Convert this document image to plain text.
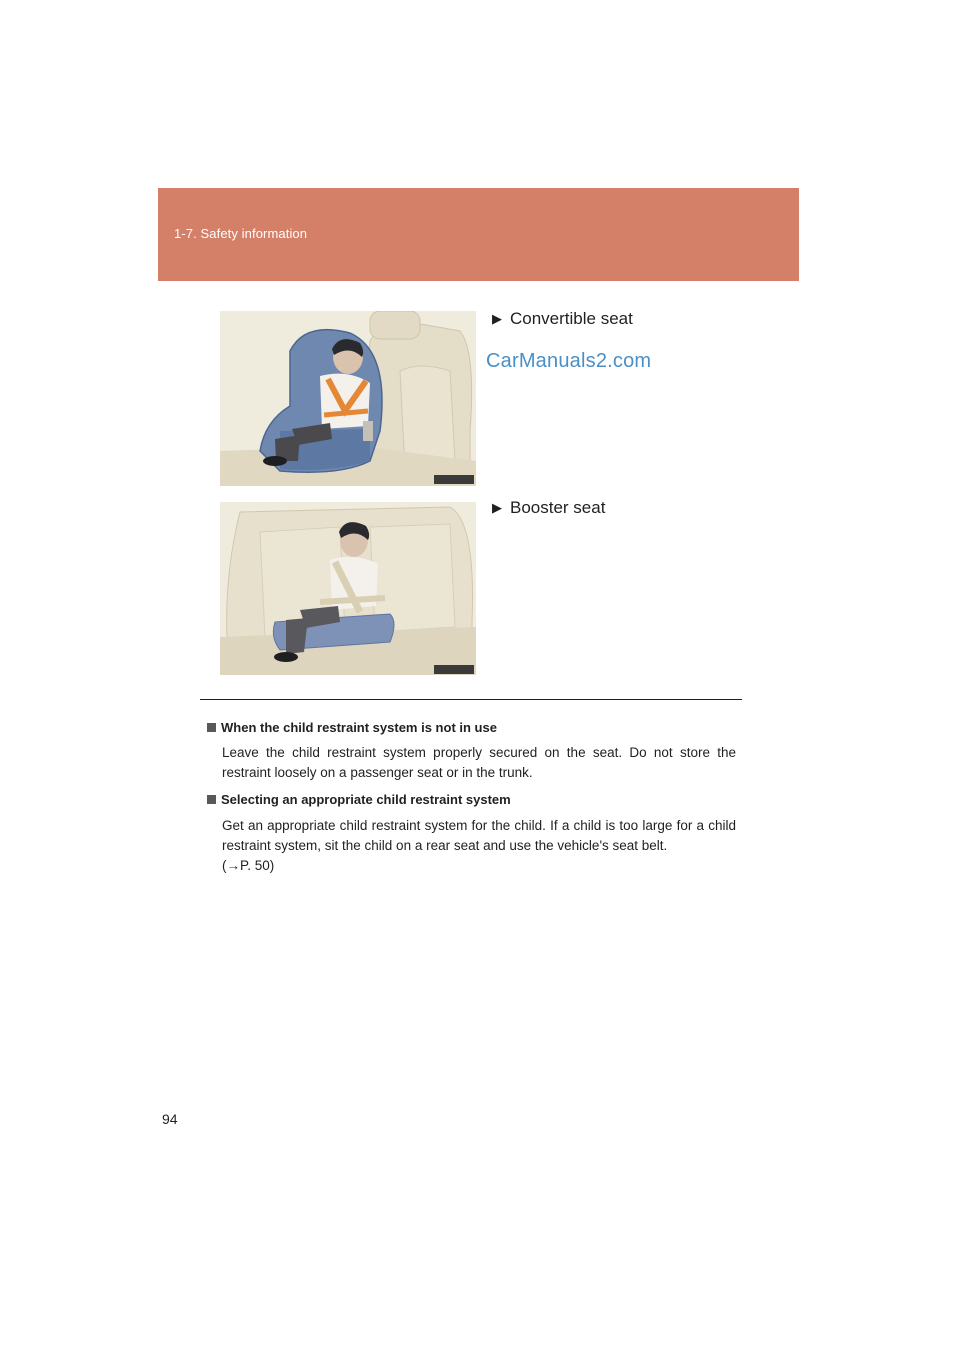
1-7. Safety information
▶ Convertible seat
CarManuals2.com
▶ Booster seat
When the child restraint system is not in use

Leave the child restraint system properly secured on the seat. Do not store the restraint loosely on a passenger seat or in the trunk.

Selecting an appropriate child restraint system

Get an appropriate child restraint system for the child. If a child is too large for a child restraint system, sit the child on a rear seat and use the vehicle's seat belt.

(→P. 50)

94
